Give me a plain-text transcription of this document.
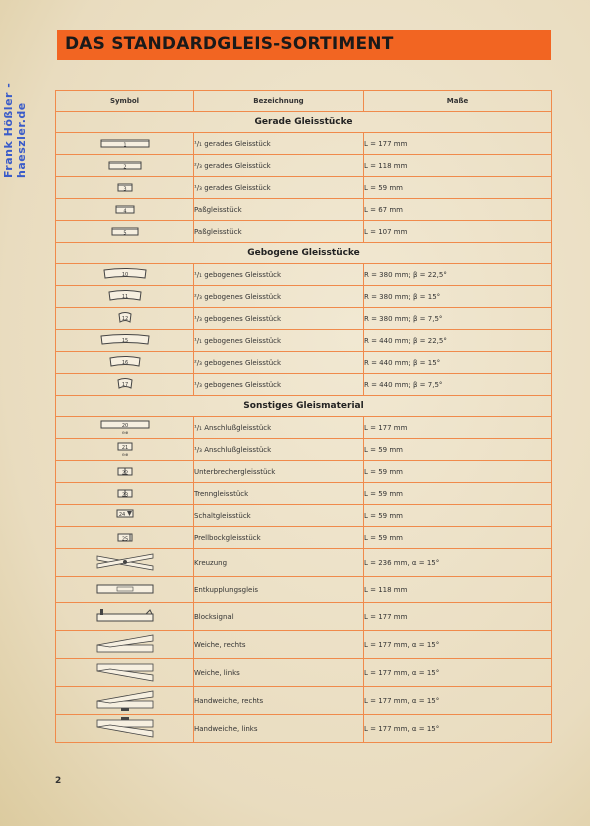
Frank Hößler - haeszler.de
DAS STANDARDGLEIS-SORTIMENT
Symbol	Bezeichnung	Maße
Gerade Gleisstücke		

1	¹/₁ gerades Gleisstück	L = 177 mm

2	²/₃ gerades Gleisstück	L = 118 mm

3	¹/₃ gerades Gleisstück	L = 59 mm

4	Paßgleisstück	L = 67 mm

5	Paßgleisstück	L = 107 mm
Gebogene Gleisstücke		

10	¹/₁ gebogenes Gleisstück	R = 380 mm; β = 22,5°

11	²/₃ gebogenes Gleisstück	R = 380 mm; β = 15°

12	¹/₃ gebogenes Gleisstück	R = 380 mm; β = 7,5°

15	¹/₁ gebogenes Gleisstück	R = 440 mm; β = 22,5°

16	²/₃ gebogenes Gleisstück	R = 440 mm; β = 15°

17	¹/₃ gebogenes Gleisstück	R = 440 mm; β = 7,5°
Sonstiges Gleismaterial		

20
⊖⊕	¹/₁ Anschlußgleisstück	L = 177 mm

21
⊖⊕	¹/₃ Anschlußgleisstück	L = 59 mm

22	Unterbrechergleisstück	L = 59 mm

23	Trenngleisstück	L = 59 mm

24	Schaltgleisstück	L = 59 mm

25	Prellbockgleisstück	L = 59 mm
	Kreuzung	L = 236 mm, α = 15°
	Entkupplungsgleis	L = 118 mm
	Blocksignal	L = 177 mm
	Weiche, rechts	L = 177 mm, α = 15°
	Weiche, links	L = 177 mm, α = 15°
	Handweiche, rechts	L = 177 mm, α = 15°
	Handweiche, links	L = 177 mm, α = 15°
2
